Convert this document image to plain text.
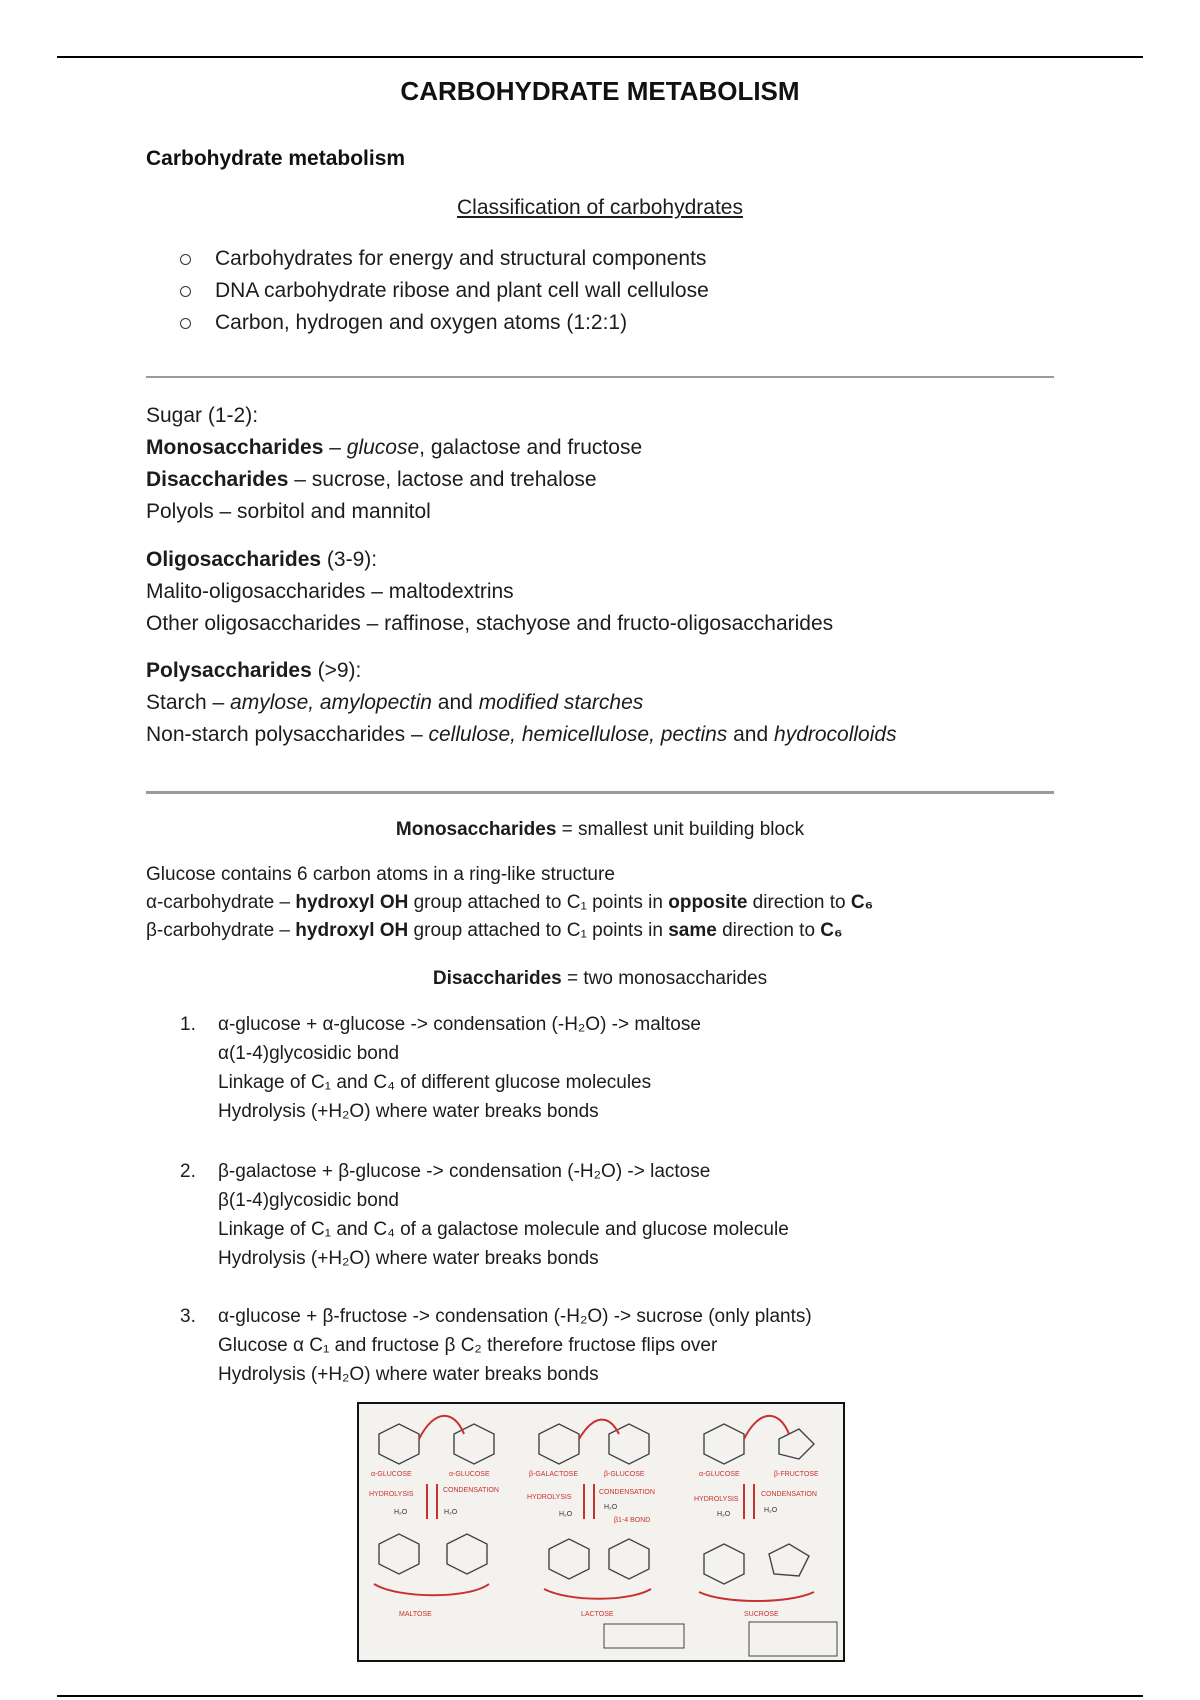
CARBOHYDRATE METABOLISM
Carbohydrate metabolism
Classification of carbohydrates
Carbohydrates for energy and structural components
DNA carbohydrate ribose and plant cell wall cellulose
Carbon, hydrogen and oxygen atoms (1:2:1)
Sugar (1-2):
Monosaccharides – glucose, galactose and fructose
Disaccharides – sucrose, lactose and trehalose
Polyols – sorbitol and mannitol
Oligosaccharides (3-9):
Malito-oligosaccharides – maltodextrins
Other oligosaccharides – raffinose, stachyose and fructo-oligosaccharides
Polysaccharides (>9):
Starch – amylose, amylopectin and modified starches
Non-starch polysaccharides – cellulose, hemicellulose, pectins and hydrocolloids
Monosaccharides = smallest unit building block
Glucose contains 6 carbon atoms in a ring-like structure
α-carbohydrate – hydroxyl OH group attached to C₁ points in opposite direction to C₆
β-carbohydrate – hydroxyl OH group attached to C₁ points in same direction to C₆
Disaccharides = two monosaccharides
1. α-glucose + α-glucose -> condensation (-H₂O) -> maltose
α(1-4)glycosidic bond
Linkage of C₁ and C₄ of different glucose molecules
Hydrolysis (+H₂O) where water breaks bonds
2. β-galactose + β-glucose -> condensation (-H₂O) -> lactose
β(1-4)glycosidic bond
Linkage of C₁ and C₄ of a galactose molecule and glucose molecule
Hydrolysis (+H₂O) where water breaks bonds
3. α-glucose + β-fructose -> condensation (-H₂O) -> sucrose (only plants)
Glucose α C₁ and fructose β C₂ therefore fructose flips over
Hydrolysis (+H₂O) where water breaks bonds
α-GLUCOSE	α-GLUCOSE
HYDROLYSIS
CONDENSATION
MALTOSE
β-GALACTOSE	β-GLUCOSE
HYDROLYSIS
CONDENSATION
β1-4 BOND
LACTOSE
α-GLUCOSE	β-FRUCTOSE
HYDROLYSIS
CONDENSATION
SUCROSE
H₂O	H₂O	H₂O
H₂O
H₂O
H₂O
